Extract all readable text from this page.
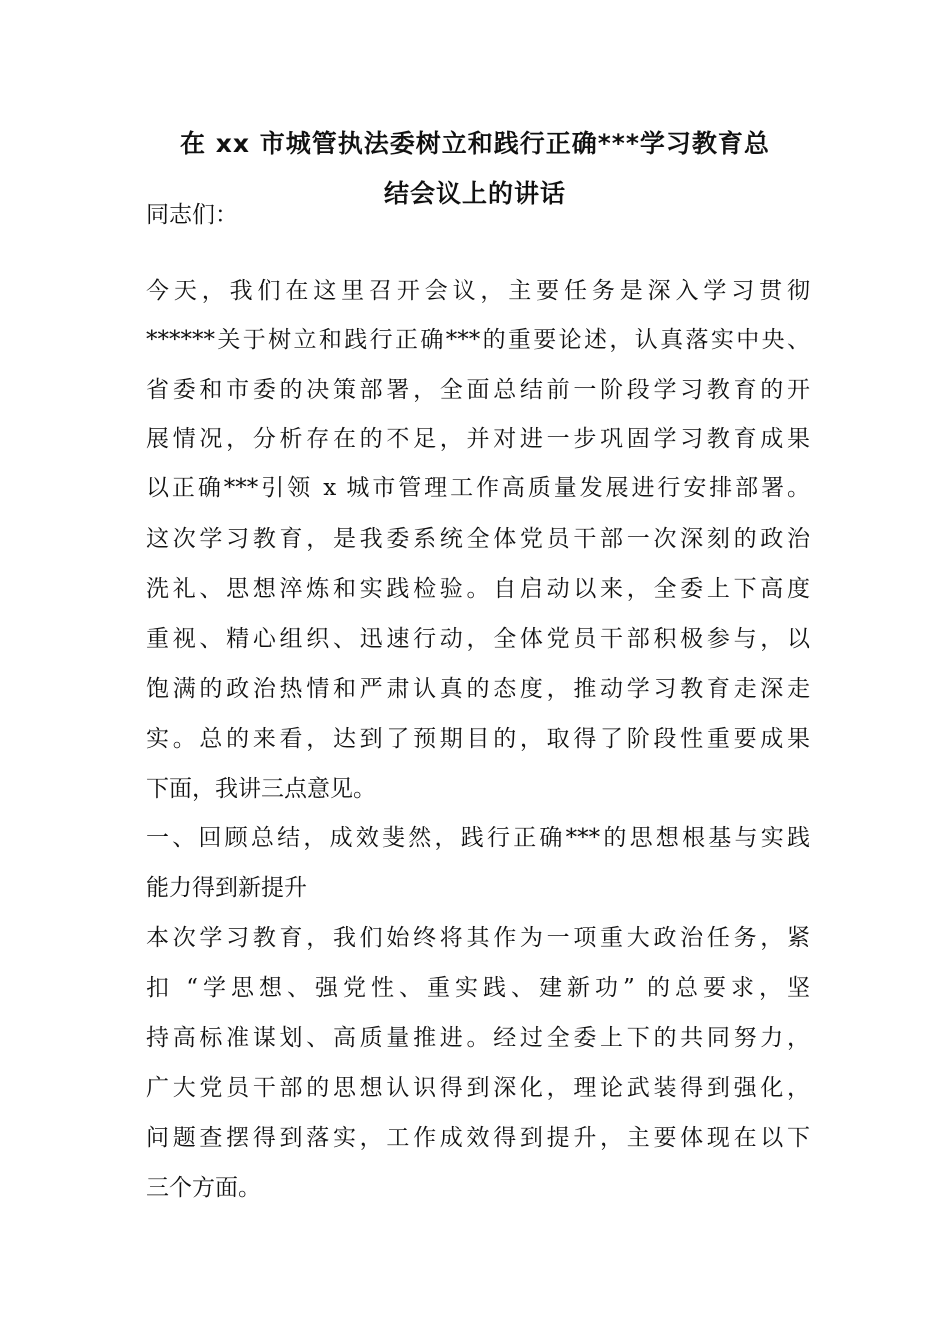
在 xx 市城管执法委树立和践行正确***学习教育总
结会议上的讲话
同志们：
今天，我们在这里召开会议，主要任务是深入学习贯彻
******关于树立和践行正确***的重要论述，认真落实中央、
省委和市委的决策部署，全面总结前一阶段学习教育的开
展情况，分析存在的不足，并对进一步巩固学习教育成果
以正确***引领 x 城市管理工作高质量发展进行安排部署。
这次学习教育，是我委系统全体党员干部一次深刻的政治
洗礼、思想淬炼和实践检验。自启动以来，全委上下高度
重视、精心组织、迅速行动，全体党员干部积极参与，以
饱满的政治热情和严肃认真的态度，推动学习教育走深走
实。总的来看，达到了预期目的，取得了阶段性重要成果
下面，我讲三点意见。
一、回顾总结，成效斐然，践行正确***的思想根基与实践
能力得到新提升
本次学习教育，我们始终将其作为一项重大政治任务，紧
扣 “学思想、强党性、重实践、建新功” 的总要求，坚
持高标准谋划、高质量推进。经过全委上下的共同努力，
广大党员干部的思想认识得到深化，理论武装得到强化，
问题查摆得到落实，工作成效得到提升，主要体现在以下
三个方面。
